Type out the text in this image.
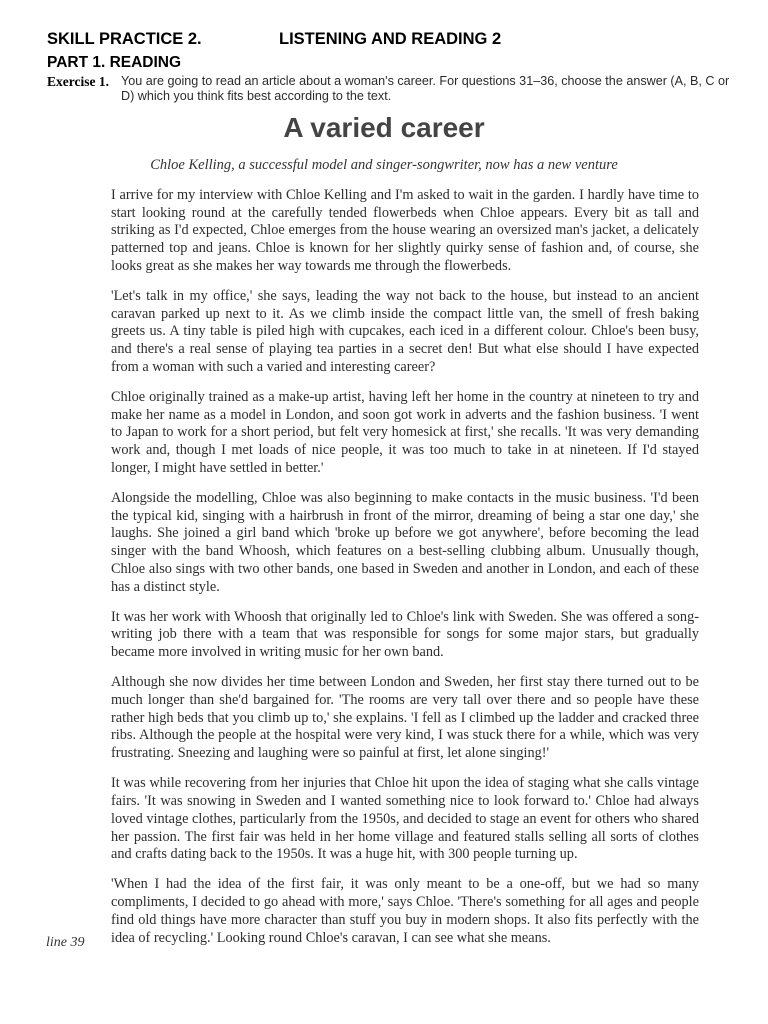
SKILL PRACTICE 2.	LISTENING AND READING 2
PART 1. READING
Exercise 1. You are going to read an article about a woman's career. For questions 31–36, choose the answer (A, B, C or D) which you think fits best according to the text.
A varied career
Chloe Kelling, a successful model and singer-songwriter, now has a new venture

I arrive for my interview with Chloe Kelling and I'm asked to wait in the garden. I hardly have time to start looking round at the carefully tended flowerbeds when Chloe appears. Every bit as tall and striking as I'd expected, Chloe emerges from the house wearing an oversized man's jacket, a delicately patterned top and jeans. Chloe is known for her slightly quirky sense of fashion and, of course, she looks great as she makes her way towards me through the flowerbeds.

'Let's talk in my office,' she says, leading the way not back to the house, but instead to an ancient caravan parked up next to it. As we climb inside the compact little van, the smell of fresh baking greets us. A tiny table is piled high with cupcakes, each iced in a different colour. Chloe's been busy, and there's a real sense of playing tea parties in a secret den! But what else should I have expected from a woman with such a varied and interesting career?

Chloe originally trained as a make-up artist, having left her home in the country at nineteen to try and make her name as a model in London, and soon got work in adverts and the fashion business. 'I went to Japan to work for a short period, but felt very homesick at first,' she recalls. 'It was very demanding work and, though I met loads of nice people, it was too much to take in at nineteen. If I'd stayed longer, I might have settled in better.'

Alongside the modelling, Chloe was also beginning to make contacts in the music business. 'I'd been the typical kid, singing with a hairbrush in front of the mirror, dreaming of being a star one day,' she laughs. She joined a girl band which 'broke up before we got anywhere', before becoming the lead singer with the band Whoosh, which features on a best-selling clubbing album. Unusually though, Chloe also sings with two other bands, one based in Sweden and another in London, and each of these has a distinct style.

It was her work with Whoosh that originally led to Chloe's link with Sweden. She was offered a song-writing job there with a team that was responsible for songs for some major stars, but gradually became more involved in writing music for her own band.

Although she now divides her time between London and Sweden, her first stay there turned out to be much longer than she'd bargained for. 'The rooms are very tall over there and so people have these rather high beds that you climb up to,' she explains. 'I fell as I climbed up the ladder and cracked three ribs. Although the people at the hospital were very kind, I was stuck there for a while, which was very frustrating. Sneezing and laughing were so painful at first, let alone singing!'

It was while recovering from her injuries that Chloe hit upon the idea of staging what she calls vintage fairs. 'It was snowing in Sweden and I wanted something nice to look forward to.' Chloe had always loved vintage clothes, particularly from the 1950s, and decided to stage an event for others who shared her passion. The first fair was held in her home village and featured stalls selling all sorts of clothes and crafts dating back to the 1950s. It was a huge hit, with 300 people turning up.

'When I had the idea of the first fair, it was only meant to be a one-off, but we had so many compliments, I decided to go ahead with more,' says Chloe. 'There's something for all ages and people find old things have more character than stuff you buy in modern shops. It also fits perfectly with the idea of recycling.' Looking round Chloe's caravan, I can see what she means.

line 39
